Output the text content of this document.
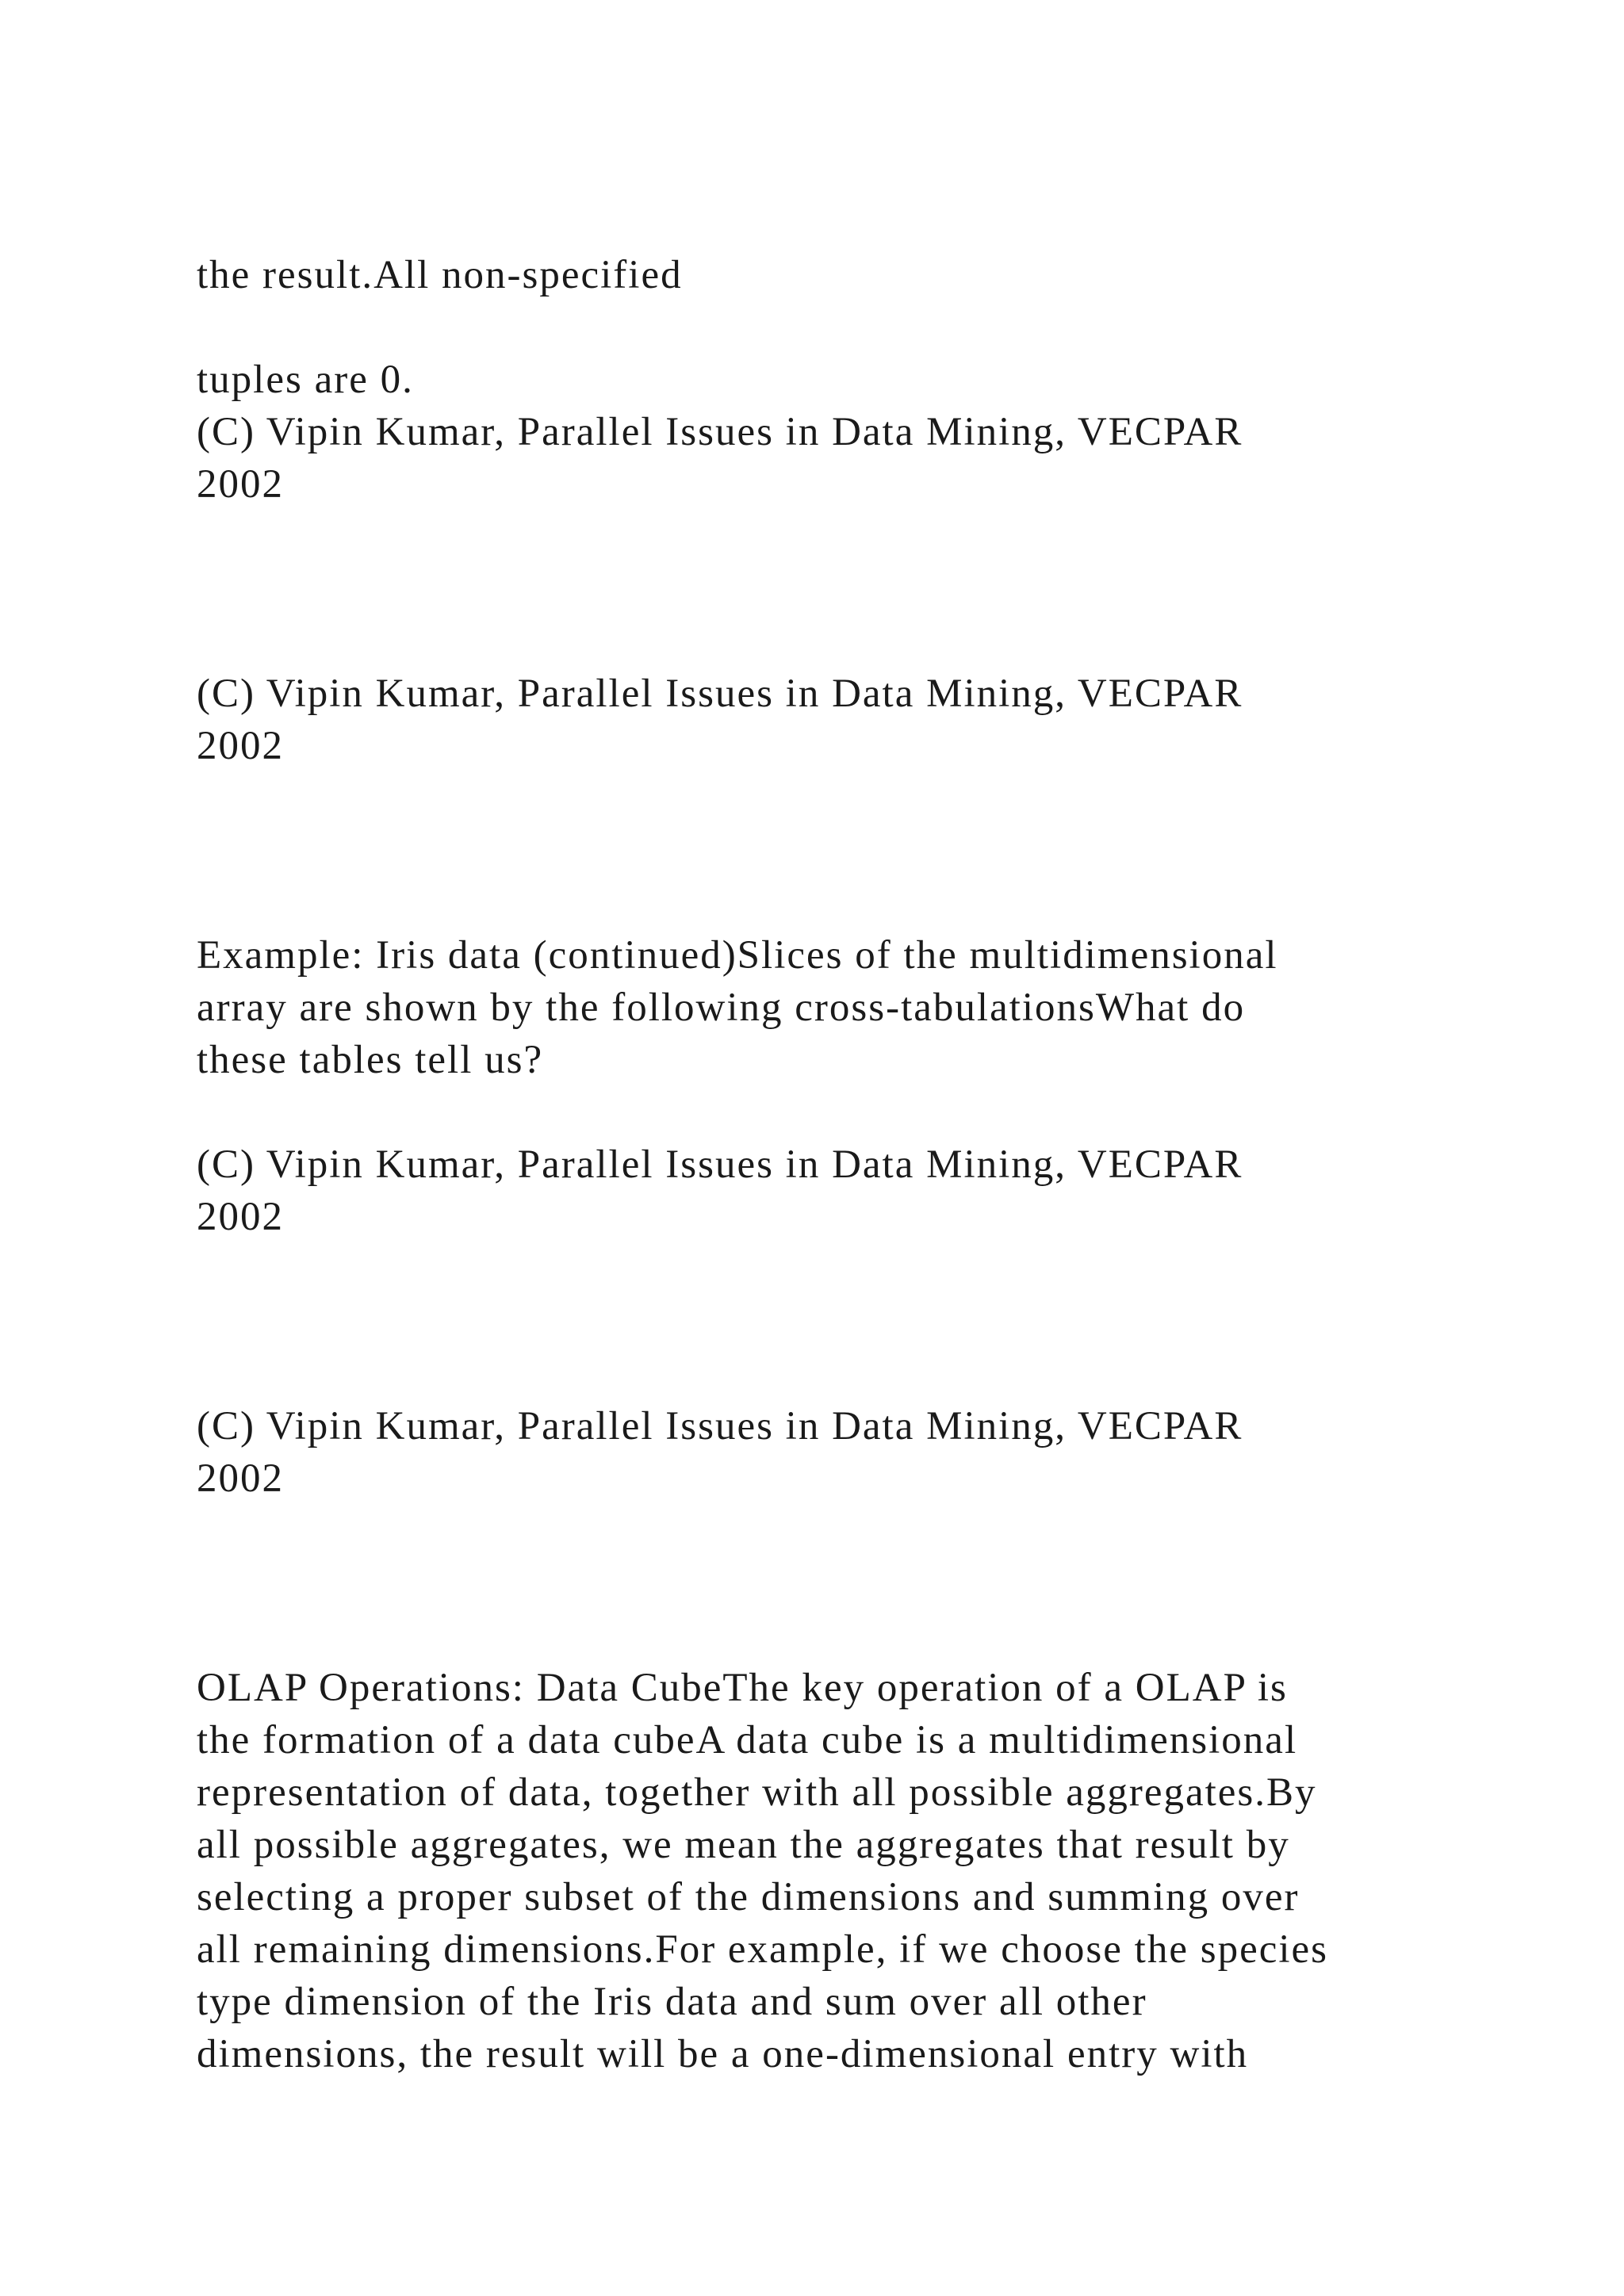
the result.All non-specified

tuples are 0.

(C) Vipin Kumar, Parallel Issues in Data Mining, VECPAR

2002

(C) Vipin Kumar, Parallel Issues in Data Mining, VECPAR

2002

Example: Iris data (continued)Slices of the multidimensional

array are shown by the following cross-tabulationsWhat do

these tables tell us?

(C) Vipin Kumar, Parallel Issues in Data Mining, VECPAR

2002

(C) Vipin Kumar, Parallel Issues in Data Mining, VECPAR

2002

OLAP Operations: Data CubeThe key operation of a OLAP is

the formation of a data cubeA data cube is a multidimensional

representation of data, together with all possible aggregates.By

all possible aggregates, we mean the aggregates that result by

selecting a proper subset of the dimensions and summing over

all remaining dimensions.For example, if we choose the species

type dimension of the Iris data and sum over all other

dimensions, the result will be a one-dimensional entry with
